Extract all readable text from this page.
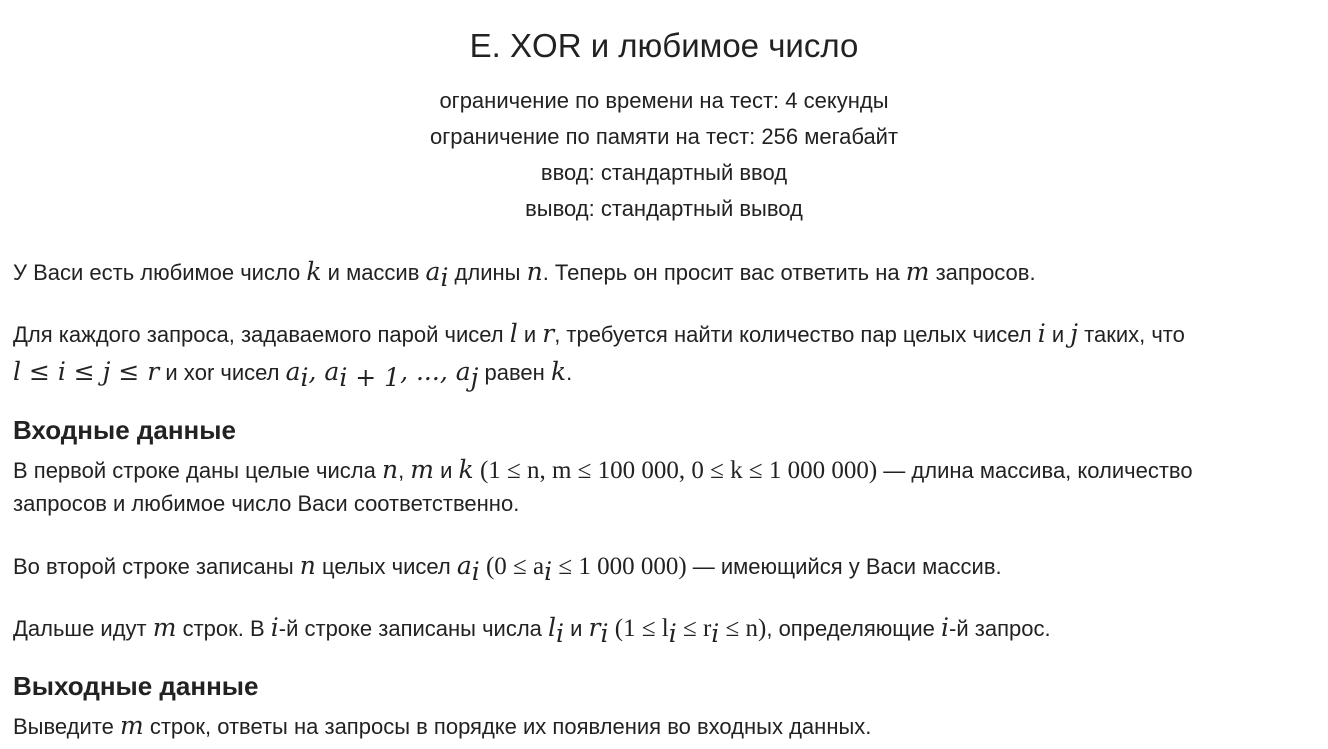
E. XOR и любимое число
ограничение по времени на тест: 4 секунды
ограничение по памяти на тест: 256 мегабайт
ввод: стандартный ввод
вывод: стандартный вывод
У Васи есть любимое число k и массив $a_i$ длины n. Теперь он просит вас ответить на m запросов.
Для каждого запроса, задаваемого парой чисел l и r, требуется найти количество пар целых чисел i и j таких, что
l ≤ i ≤ j ≤ r и xor чисел $a_i$, $a_{i + 1}$, ..., $a_j$ равен k.
Входные данные
В первой строке даны целые числа n, m и k (1 ≤ n, m ≤ 100 000, 0 ≤ k ≤ 1 000 000) — длина массива, количество
запросов и любимое число Васи соответственно.
Во второй строке записаны n целых чисел $a_i$ ($0 \le a_i \le 1$ 000 000) — имеющийся у Васи массив.
Дальше идут m строк. В i-й строке записаны числа $l_i$ и $r_i$ $(1 \le l_i \le r_i \le n)$, определяющие i-й запрос.
Выходные данные
Выведите m строк, ответы на запросы в порядке их появления во входных данных.
